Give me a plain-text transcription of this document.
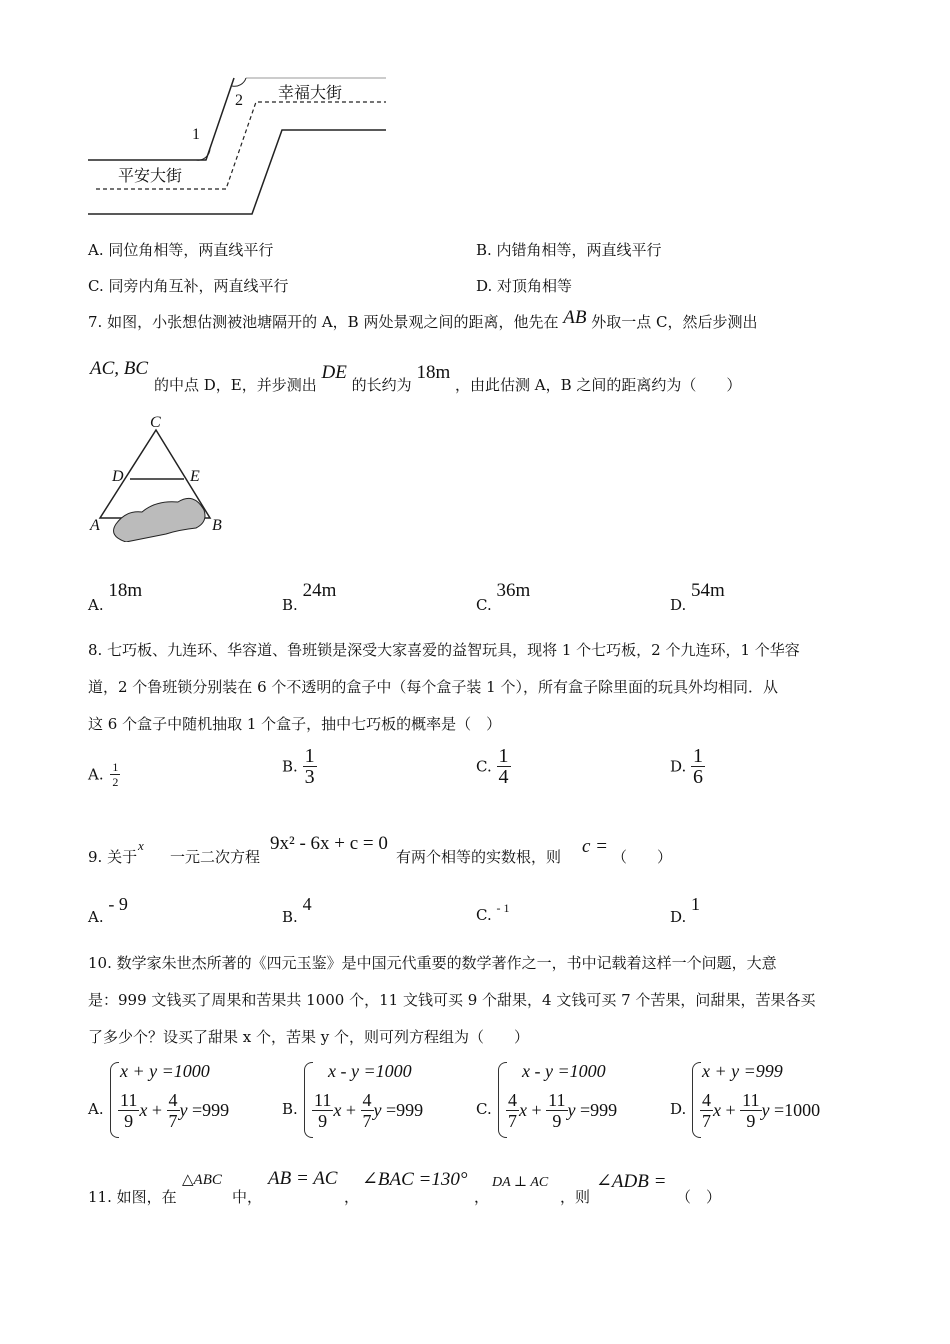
幸福大街
平安大街
1
2
A. 同位角相等，两直线平行	B. 内错角相等，两直线平行
C. 同旁内角互补，两直线平行	D. 对顶角相等
7. 如图，小张想估测被池塘隔开的 A，B 两处景观之间的距离，他先在 AB 外取一点 C，然后步测出
AC, BC
的中点 D，E，并步测出 DE 的长约为 18m ，由此估测 A，B 之间的距离约为（　　）
C
D	E
A	B
A. 18m
B. 24m
C. 36m
D. 54m
8. 七巧板、九连环、华容道、鲁班锁是深受大家喜爱的益智玩具，现将 1 个七巧板，2 个九连环，1 个华容
道，2 个鲁班锁分别装在 6 个不透明的盒子中（每个盒子装 1 个），所有盒子除里面的玩具外均相同．从
这 6 个盒子中随机抽取 1 个盒子，抽中七巧板的概率是（　）
A. $\frac{1}{2}$	B. $\frac{1}{3}$	C. $\frac{1}{4}$	D. $\frac{1}{6}$
9. 关于
x
一元二次方程
9x² - 6x + c = 0
有两个相等的实数根，则 c = （　　）
A. - 9
B. 4
C. $^{- 1}$	D. 1
10. 数学家朱世杰所著的《四元玉鉴》是中国元代重要的数学著作之一，书中记载着这样一个问题，大意
是：999 文钱买了周果和苦果共 1000 个，11 文钱可买 9 个甜果，4 文钱可买 7 个苦果，问甜果，苦果各买
了多少个？设买了甜果 x 个，苦果 y 个，则可列方程组为（　　）
A.
x + y =1000
$\frac{11}{9}$ $x + \frac{4}{7}$ y
=999	B.
x - y =1000
$\frac{11}{9}$ $x + \frac{4}{7}$ y
=999	C.
x - y =1000
$\frac{4}{7}$ $x + \frac{11}{9}$ y
=999	D.
x + y =999
$\frac{4}{7}$ $x + \frac{11}{9}$ y
=1000
11. 如图，在
△ABC
中，
AB = AC
，
∠BAC =130°
，
DA ⊥ AC
，则
∠ADB =
（　）
